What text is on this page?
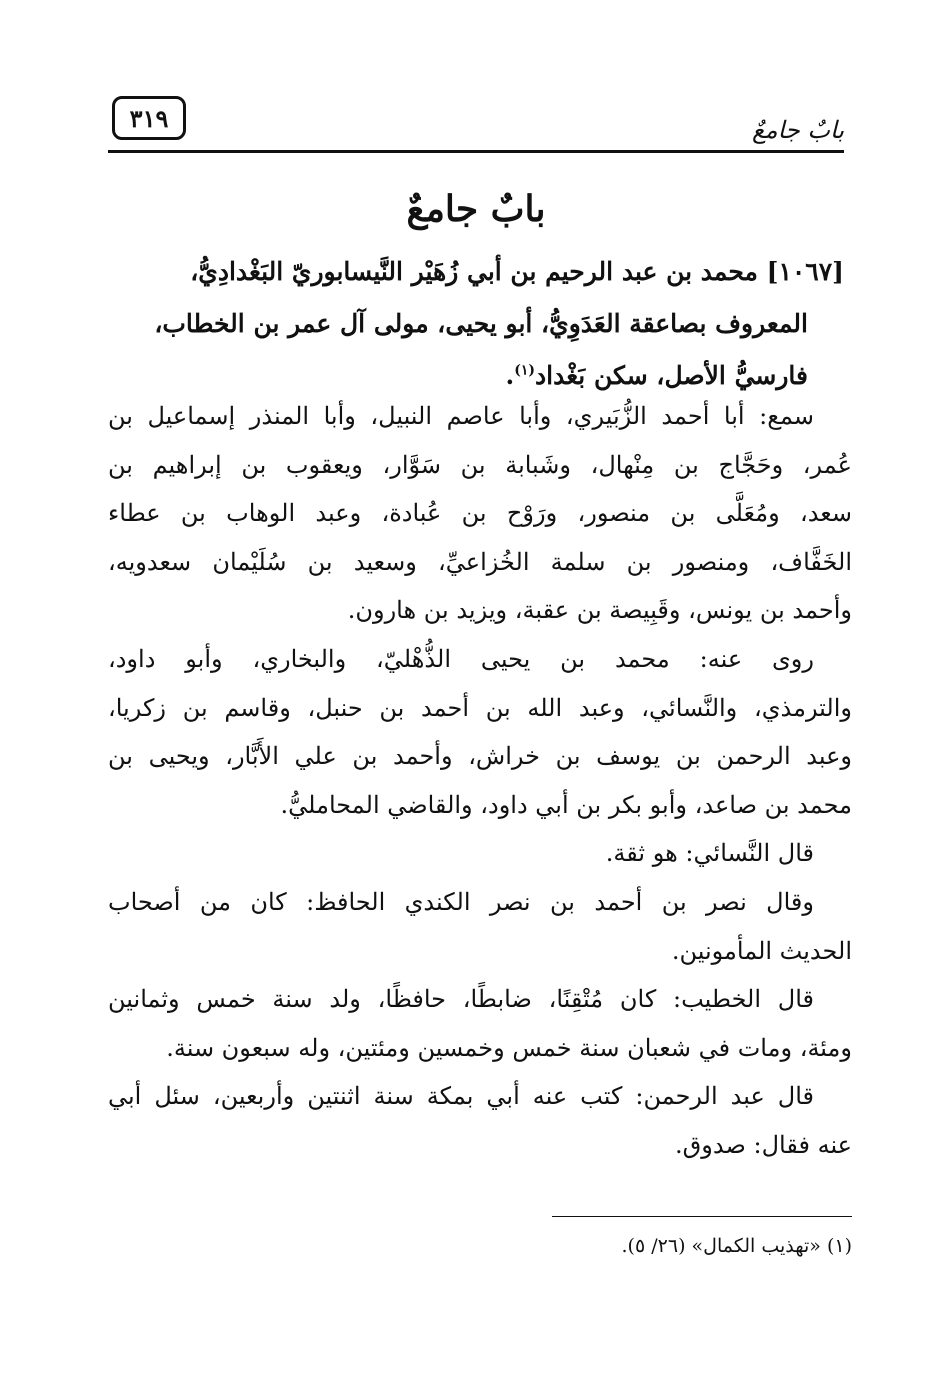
بابٌ جامعٌ
٣١٩
بابٌ جامعٌ
[١٠٦٧] محمد بن عبد الرحيم بن أبي زُهَيْر النَّيسابوريّ البَغْدادِيُّ،
المعروف بصاعقة العَدَوِيُّ، أبو يحيى، مولى آل عمر بن الخطاب،
فارسيُّ الأصل، سكن بَغْداد$^{(١)}$.
سمع: أبا أحمد الزُّبَيري، وأبا عاصم النبيل، وأبا المنذر إسماعيل بن
عُمر، وحَجَّاج بن مِنْهال، وشَبابة بن سَوَّار، ويعقوب بن إبراهيم بن
سعد، ومُعَلَّى بن منصور، ورَوْح بن عُبادة، وعبد الوهاب بن عطاء
الخَفَّاف، ومنصور بن سلمة الخُزاعيِّ، وسعيد بن سُلَيْمان سعدويه،
وأحمد بن يونس، وقَبِيصة بن عقبة، ويزيد بن هارون.
روى عنه: محمد بن يحيى الذُّهْليّ، والبخاري، وأبو داود،
والترمذي، والنَّسائي، وعبد الله بن أحمد بن حنبل، وقاسم بن زكريا،
وعبد الرحمن بن يوسف بن خراش، وأحمد بن علي الأَبَّار، ويحيى بن
محمد بن صاعد، وأبو بكر بن أبي داود، والقاضي المحامليُّ.
قال النَّسائي: هو ثقة.
وقال نصر بن أحمد بن نصر الكندي الحافظ: كان من أصحاب
الحديث المأمونين.
قال الخطيب: كان مُتْقِنًا، ضابطًا، حافظًا، ولد سنة خمس وثمانين
ومئة، ومات في شعبان سنة خمس وخمسين ومئتين، وله سبعون سنة.
قال عبد الرحمن: كتب عنه أبي بمكة سنة اثنتين وأربعين، سئل أبي
عنه فقال: صدوق.
(١) «تهذيب الكمال» (٢٦/ ٥).
